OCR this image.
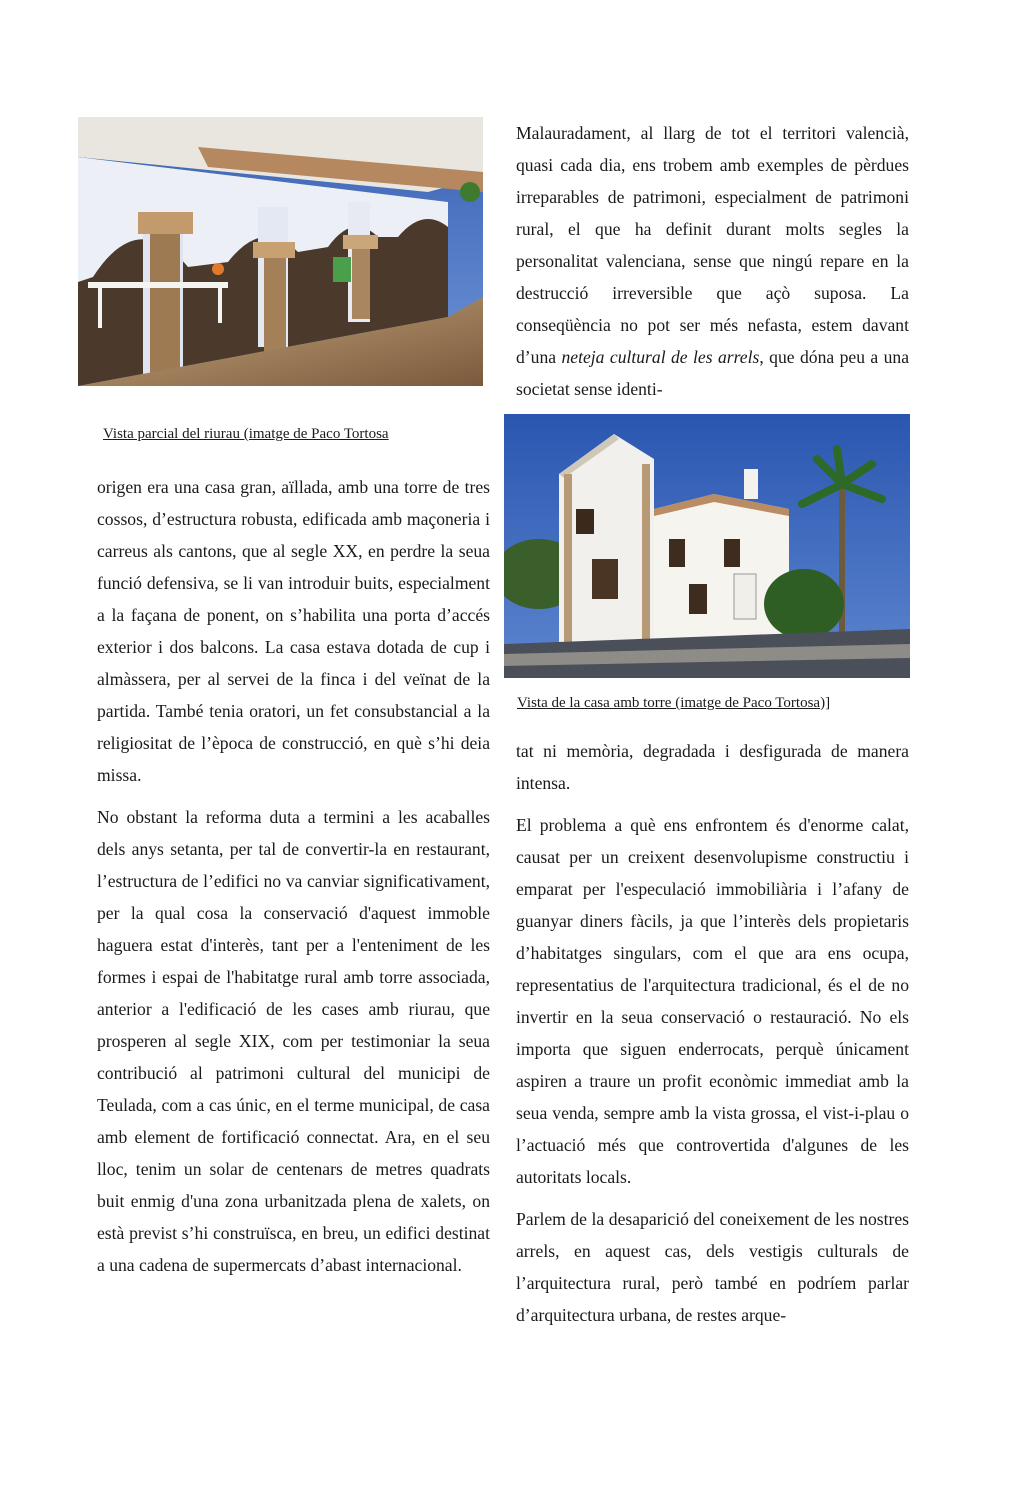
Malauradament, al llarg de tot el territori valencià, quasi cada dia, ens trobem amb exemples de pèrdues irreparables de patrimoni, especialment de patrimoni rural, el que ha definit durant molts segles la personalitat valenciana, sense que ningú repare en la destrucció irreversible que açò suposa. La conseqüència no pot ser més nefasta, estem davant d’una neteja cultural de les arrels, que dóna peu a una societat sense identi-

Vista parcial del riurau (imatge de Paco Tortosa
Vista de la casa amb torre (imatge de Paco Tortosa)]

origen era una casa gran, aïllada, amb una torre de tres cossos, d’estructura robusta, edificada amb maçoneria i carreus als cantons, que al segle XX, en perdre la seua funció defensiva, se li van introduir buits, especialment a la façana de ponent, on s’habilita una porta d’accés exterior i dos balcons. La casa estava dotada de cup i almàssera, per al servei de la finca i del veïnat de la partida. També tenia oratori, un fet consubstancial a la religiositat de l’època de construcció, en què s’hi deia missa.

No obstant la reforma duta a termini a les acaballes dels anys setanta, per tal de convertir-la en restaurant, l’estructura de l’edifici no va canviar significativament, per la qual cosa la conservació d'aquest immoble haguera estat d'interès, tant per a l'enteniment de les formes i espai de l'habitatge rural amb torre associada, anterior a l'edificació de les cases amb riurau, que prosperen al segle XIX, com per testimoniar la seua contribució al patrimoni cultural del municipi de Teulada, com a cas únic, en el terme municipal, de casa amb element de fortificació connectat. Ara, en el seu lloc, tenim un solar de centenars de metres quadrats buit enmig d'una zona urbanitzada plena de xalets, on està previst s’hi construïsca, en breu, un edifici destinat a una cadena de supermercats d’abast internacional.

tat ni memòria, degradada i desfigurada de manera intensa.

El problema a què ens enfrontem és d'enorme calat, causat per un creixent desenvolupisme constructiu i emparat per l'especulació immobiliària i l’afany de guanyar diners fàcils, ja que l’interès dels propietaris d’habitatges singulars, com el que ara ens ocupa, representatius de l'arquitectura tradicional, és el de no invertir en la seua conservació o restauració. No els importa que siguen enderrocats, perquè únicament aspiren a traure un profit econòmic immediat amb la seua venda, sempre amb la vista grossa, el vist-i-plau o l’actuació més que controvertida d'algunes de les autoritats locals.

Parlem de la desaparició del coneixement de les nostres arrels, en aquest cas, dels vestigis culturals de l’arquitectura rural, però també en podríem parlar d’arquitectura urbana, de restes arque-
